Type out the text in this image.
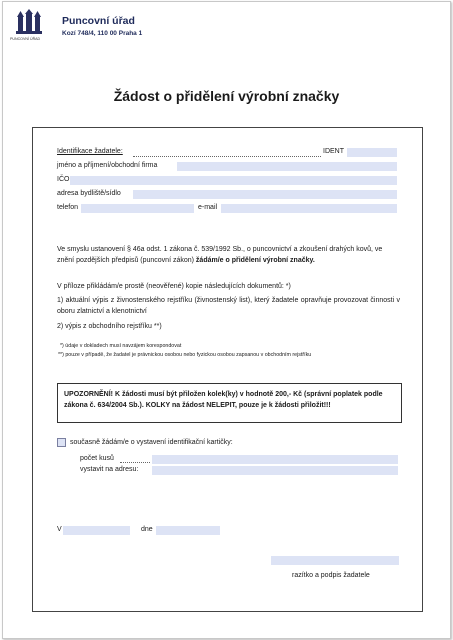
PUNCOVNÍ ÚŘAD
Puncovní úřad
Kozí 748/4, 110 00 Praha 1
Žádost o přidělení výrobní značky
Identifikace žadatele:	IDENT
jméno a příjmení/obchodní firma
IČO
adresa bydliště/sídlo
telefon	e-mail
Ve smyslu ustanovení § 46a odst. 1 zákona č. 539/1992 Sb., o puncovnictví a zkoušení drahých kovů, ve znění pozdějších předpisů (puncovní zákon) žádám/e o přidělení výrobní značky.
V příloze přikládám/e prostě (neověřené) kopie následujících dokumentů: *)
1) aktuální výpis z živnostenského rejstříku (živnostenský list), který žadatele opravňuje provozovat činnosti v oboru zlatnictví a klenotnictví
2) výpis z obchodního rejstříku **)
*) údaje v dokladech musí navzájem korespondovat
**) pouze v případě, že žadatel je právnickou osobou nebo fyzickou osobou zapsanou v obchodním rejstříku
UPOZORNĚNÍ! K žádosti musí být přiložen kolek(ky) v hodnotě 200,- Kč (správní poplatek podle zákona č. 634/2004 Sb.). KOLKY na žádost NELEPIT, pouze je k žádosti přiložit!!!
současně žádám/e o vystavení identifikační kartičky:
počet kusů
vystavit na adresu:
V	dne
razítko a podpis žadatele
